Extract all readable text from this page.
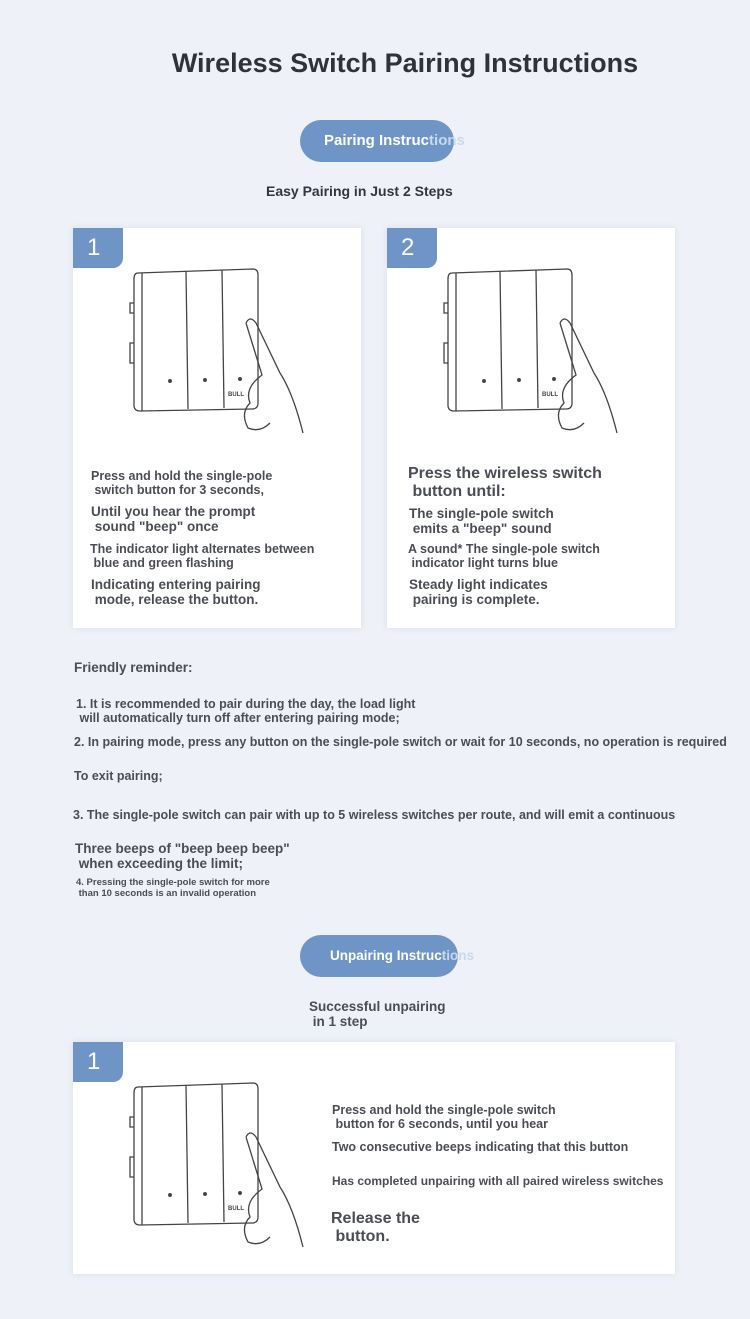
Wireless Switch Pairing Instructions
Pairing Instructions
Easy Pairing in Just 2 Steps
1
BULL
Press and hold the single-pole
switch button for 3 seconds,
Until you hear the prompt
sound "beep" once
The indicator light alternates between
blue and green flashing
Indicating entering pairing
mode, release the button.
2
BULL
Press the wireless switch
button until:
The single-pole switch
emits a "beep" sound
A sound* The single-pole switch
indicator light turns blue
Steady light indicates
pairing is complete.
Friendly reminder:
1. It is recommended to pair during the day, the load light
will automatically turn off after entering pairing mode;
2. In pairing mode, press any button on the single-pole switch or wait for 10 seconds, no operation is required
To exit pairing;
3. The single-pole switch can pair with up to 5 wireless switches per route, and will emit a continuous
Three beeps of "beep beep beep"
when exceeding the limit;
4. Pressing the single-pole switch for more
than 10 seconds is an invalid operation
Unpairing Instructions
Successful unpairing
in 1 step
1
BULL
Press and hold the single-pole switch
button for 6 seconds, until you hear
Two consecutive beeps indicating that this button
Has completed unpairing with all paired wireless switches
Release the
button.
